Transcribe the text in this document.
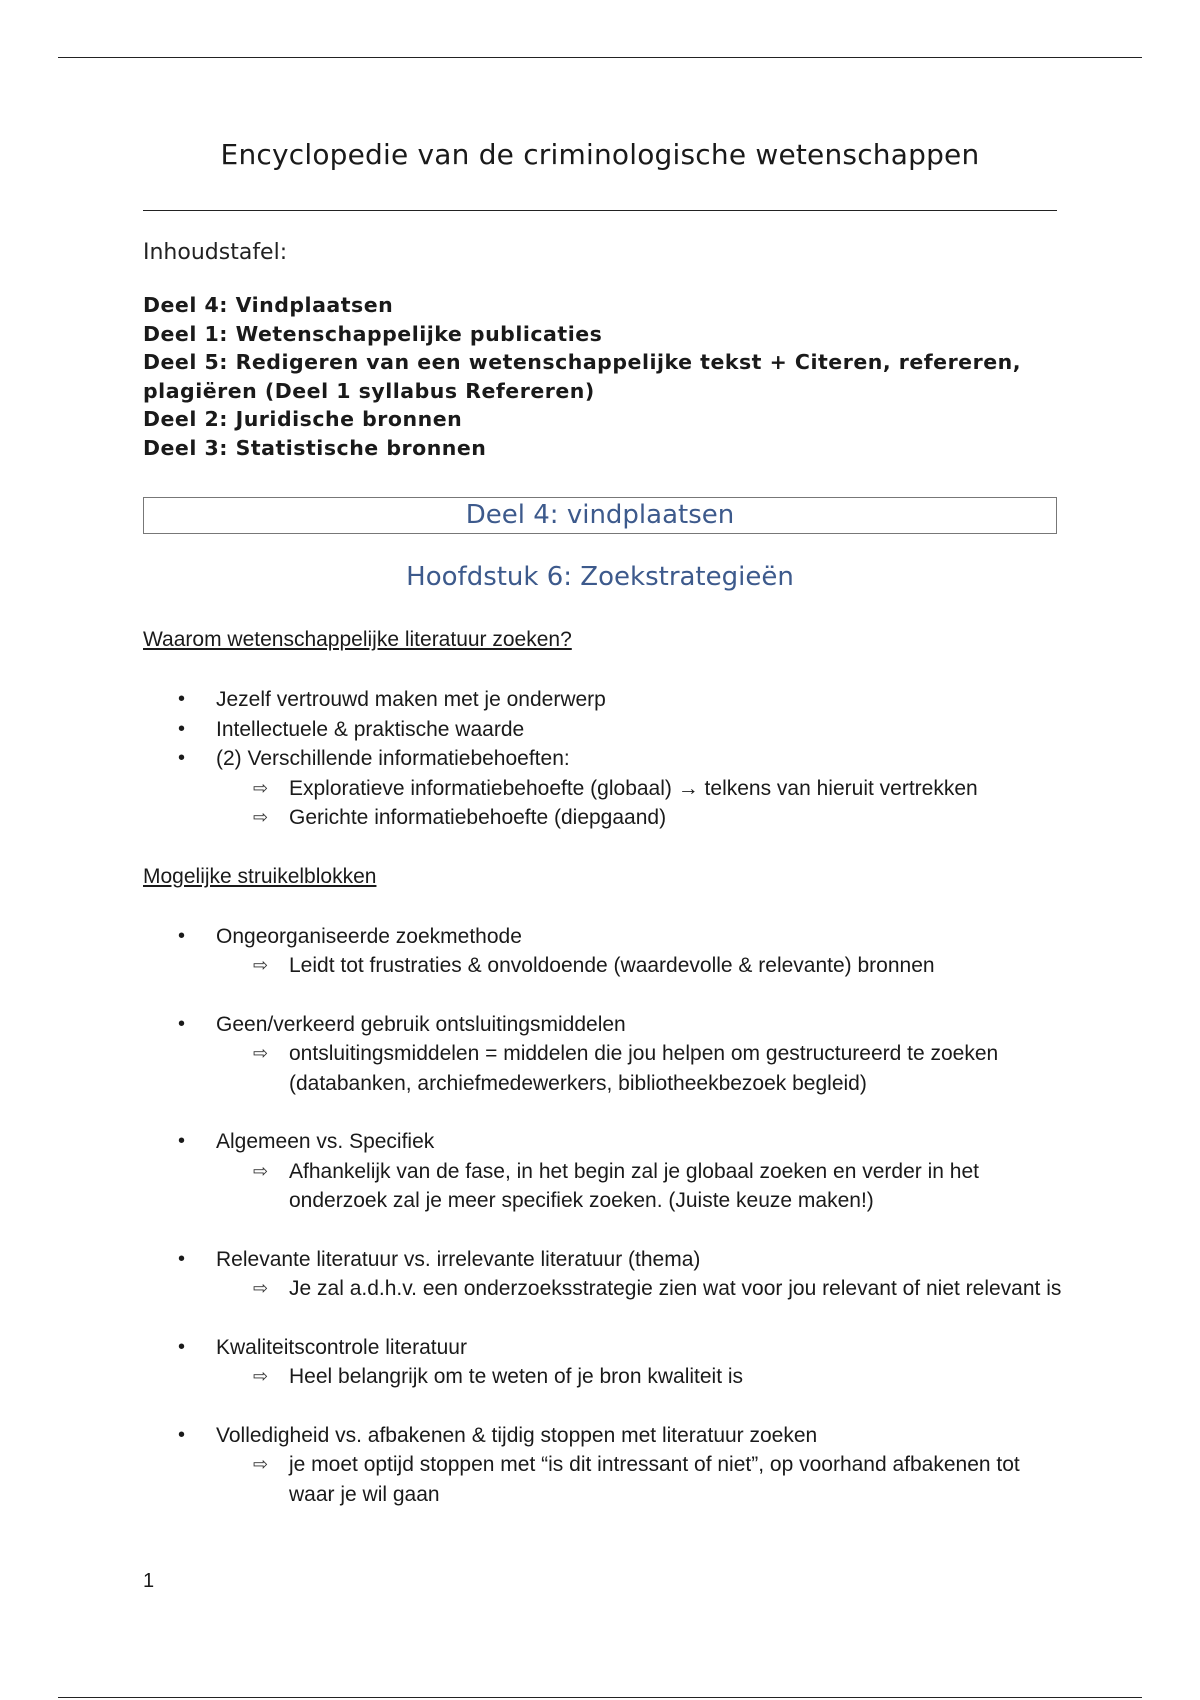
Encyclopedie van de criminologische wetenschappen
Inhoudstafel:
Deel 4: Vindplaatsen
Deel 1: Wetenschappelijke publicaties
Deel 5: Redigeren van een wetenschappelijke tekst + Citeren, refereren, plagiëren (Deel 1 syllabus Refereren)
Deel 2: Juridische bronnen
Deel 3: Statistische bronnen
Deel 4: vindplaatsen
Hoofdstuk 6: Zoekstrategieën
Waarom wetenschappelijke literatuur zoeken?
• Jezelf vertrouwd maken met je onderwerp
• Intellectuele & praktische waarde
• (2) Verschillende informatiebehoeften:
⇨ Exploratieve informatiebehoefte (globaal) → telkens van hieruit vertrekken
⇨ Gerichte informatiebehoefte (diepgaand)
Mogelijke struikelblokken
• Ongeorganiseerde zoekmethode
⇨ Leidt tot frustraties & onvoldoende (waardevolle & relevante) bronnen
• Geen/verkeerd gebruik ontsluitingsmiddelen
⇨ ontsluitingsmiddelen = middelen die jou helpen om gestructureerd te zoeken (databanken, archiefmedewerkers, bibliotheekbezoek begleid)
• Algemeen vs. Specifiek
⇨ Afhankelijk van de fase, in het begin zal je globaal zoeken en verder in het onderzoek zal je meer specifiek zoeken. (Juiste keuze maken!)
• Relevante literatuur vs. irrelevante literatuur (thema)
⇨ Je zal a.d.h.v. een onderzoeksstrategie zien wat voor jou relevant of niet relevant is
• Kwaliteitscontrole literatuur
⇨ Heel belangrijk om te weten of je bron kwaliteit is
• Volledigheid vs. afbakenen & tijdig stoppen met literatuur zoeken
⇨ je moet optijd stoppen met “is dit intressant of niet”, op voorhand afbakenen tot waar je wil gaan
1
